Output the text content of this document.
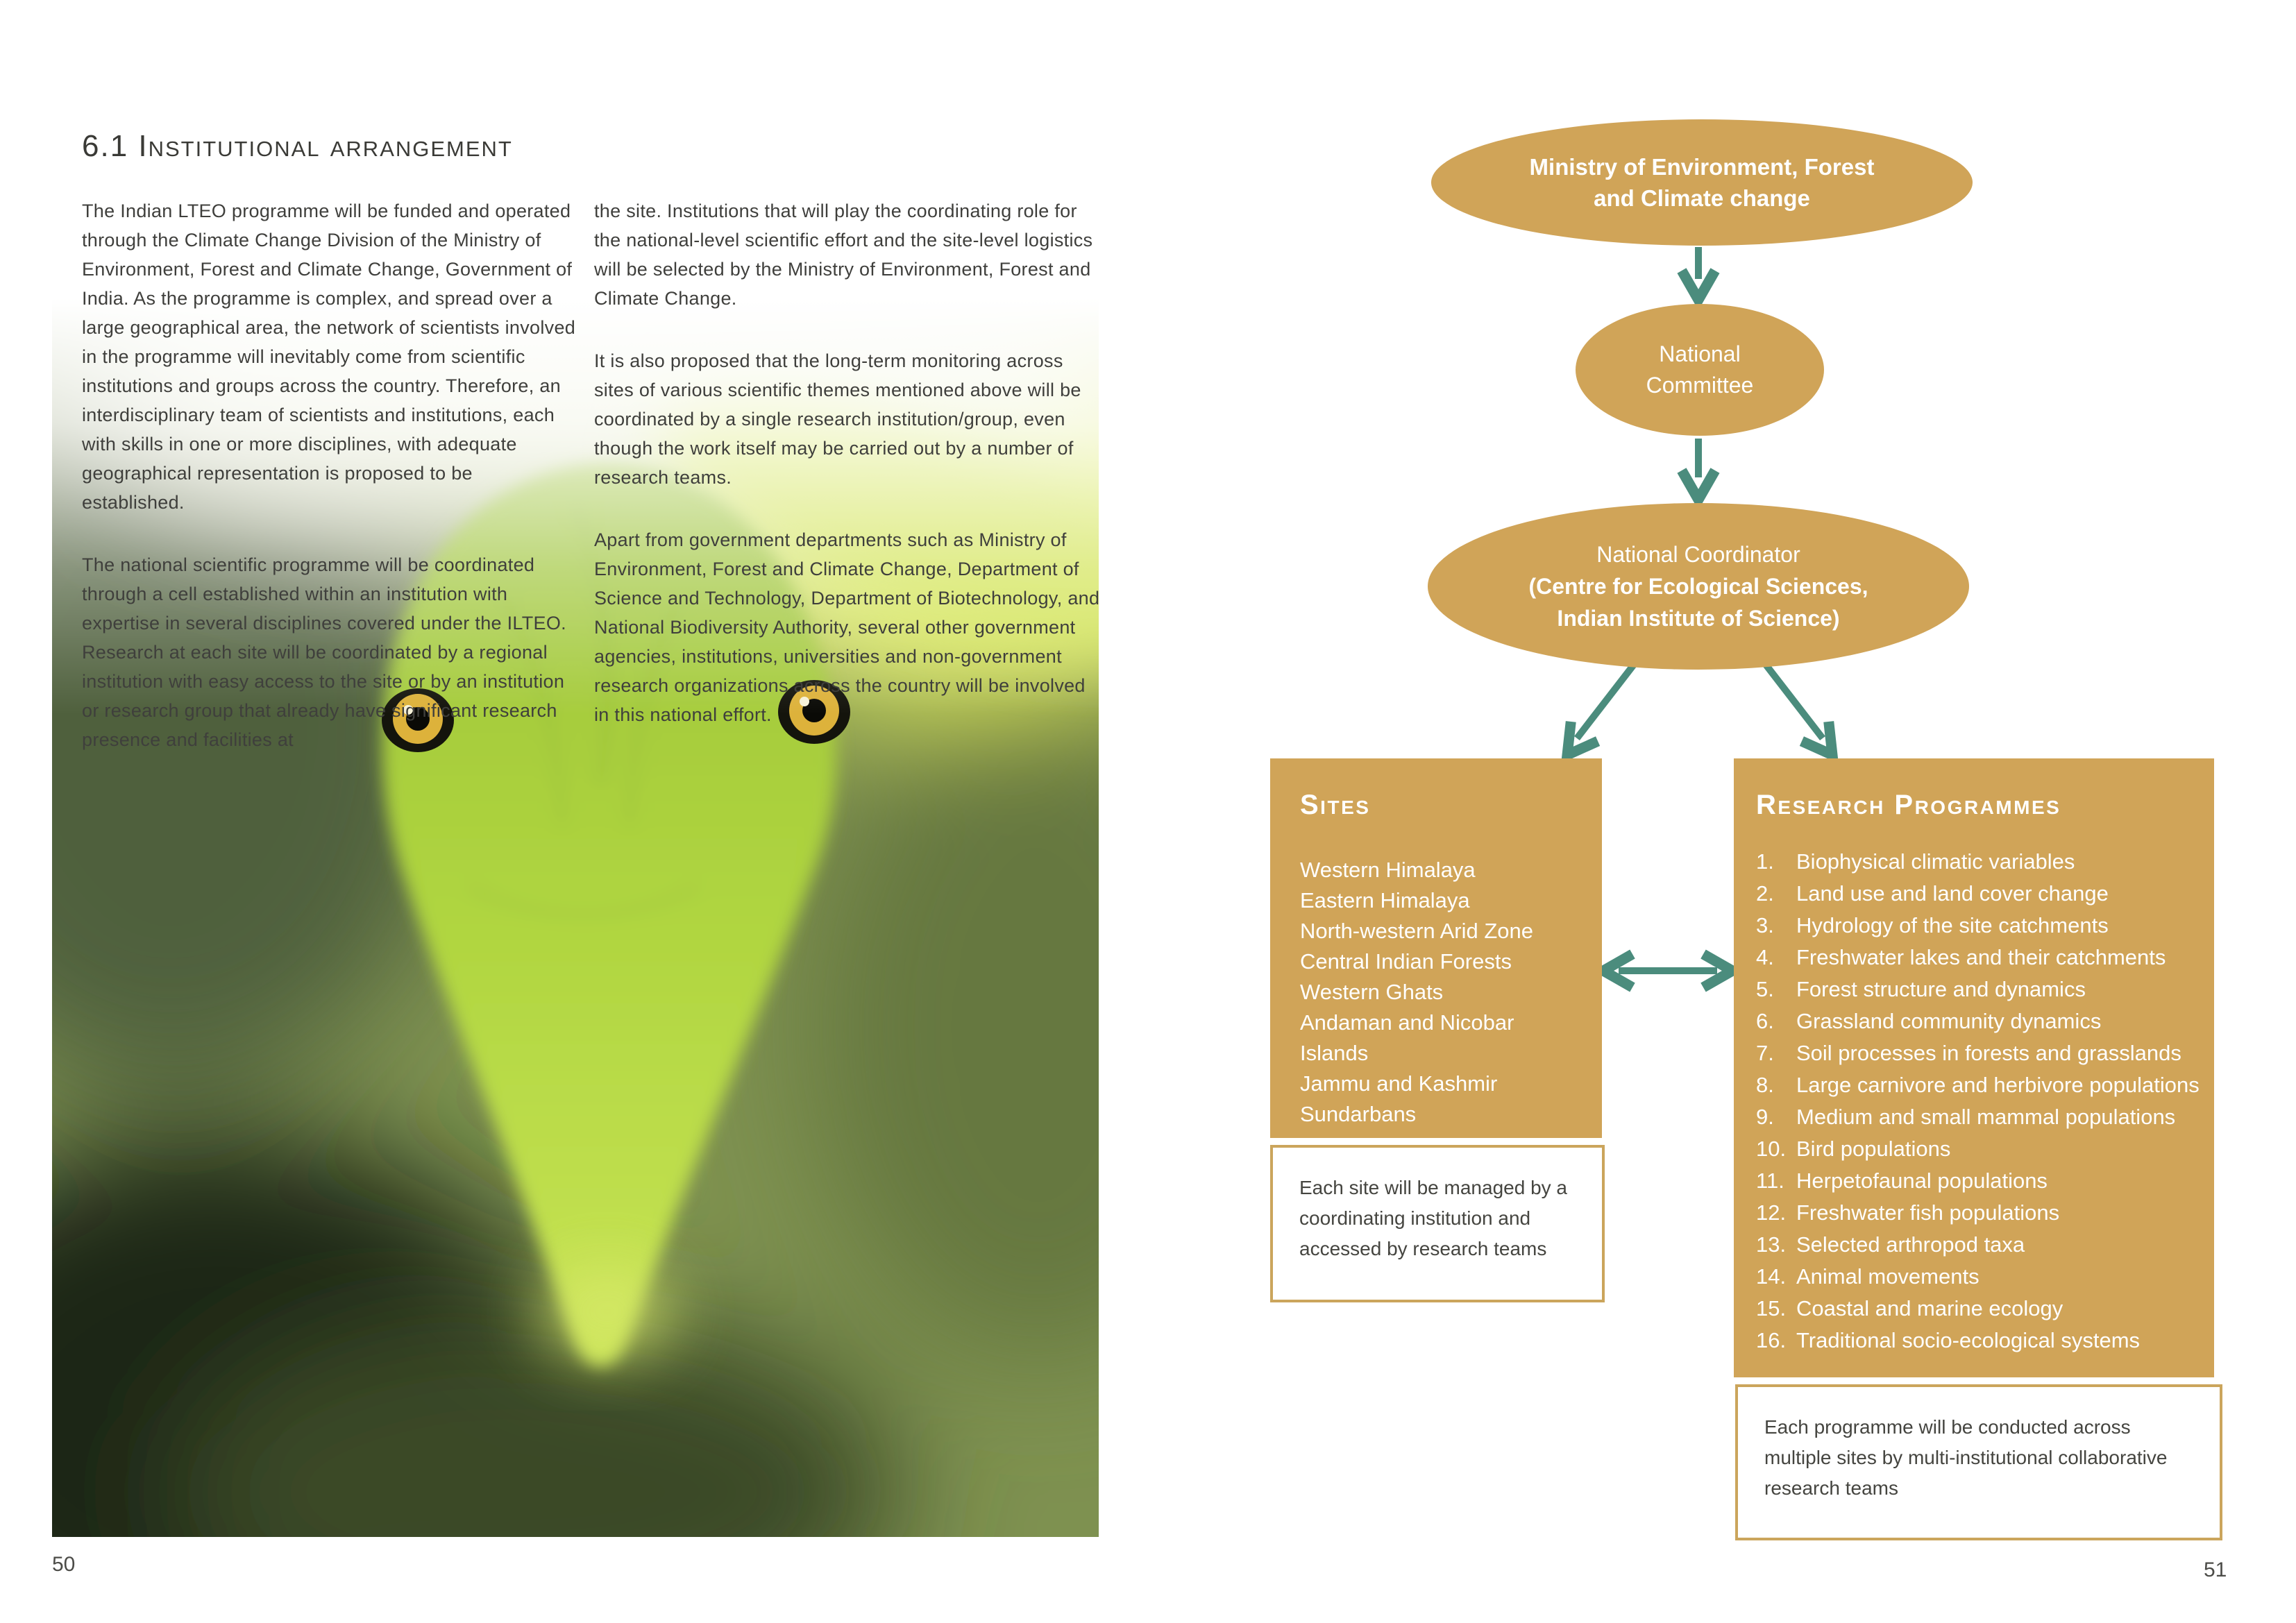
6.1 Institutional arrangement

The Indian LTEO programme will be funded and operated through the Climate Change Division of the Ministry of Environment, Forest and Climate Change, Government of India. As the programme is complex, and spread over a large geographical area, the network of scientists involved in the programme will inevitably come from scientific institutions and groups across the country. Therefore, an interdisciplinary team of scientists and institutions, each with skills in one or more disciplines, with adequate geographical representation is proposed to be established.

The national scientific programme will be coordinated through a cell established within an institution with expertise in several disciplines covered under the ILTEO. Research at each site will be coordinated by a regional institution with easy access to the site or by an institution or research group that already have significant research presence and facilities at

the site. Institutions that will play the coordinating role for the national-level scientific effort and the site-level logistics will be selected by the Ministry of Environment, Forest and Climate Change.

It is also proposed that the long-term monitoring across sites of various scientific themes mentioned above will be coordinated by a single research institution/group, even though the work itself may be carried out by a number of research teams.

Apart from government departments such as Ministry of Environment, Forest and Climate Change, Department of Science and Technology, Department of Biotechnology, and National Biodiversity Authority, several other government agencies, institutions, universities and non-government research organizations across the country will be involved in this national effort.

50
Ministry of Environment, Forest
and Climate change
National
Committee
National Coordinator
(Centre for Ecological Sciences,
Indian Institute of Science)
Sites
Western Himalaya
Eastern Himalaya
North-western Arid Zone
Central Indian Forests
Western Ghats
Andaman and Nicobar Islands
Jammu and Kashmir
Sundarbans
Research Programmes
Biophysical climatic variables
Land use and land cover change
Hydrology of the site catchments
Freshwater lakes and their catchments
Forest structure and dynamics
Grassland community dynamics
Soil processes in forests and grasslands
Large carnivore and herbivore populations
Medium and small mammal populations
Bird populations
Herpetofaunal populations
Freshwater fish populations
Selected arthropod taxa
Animal movements
Coastal and marine ecology
Traditional socio-ecological systems
Each site will be managed by a coordinating institution and accessed by research teams
Each programme will be conducted across multiple sites by multi-institutional collaborative research teams
51
